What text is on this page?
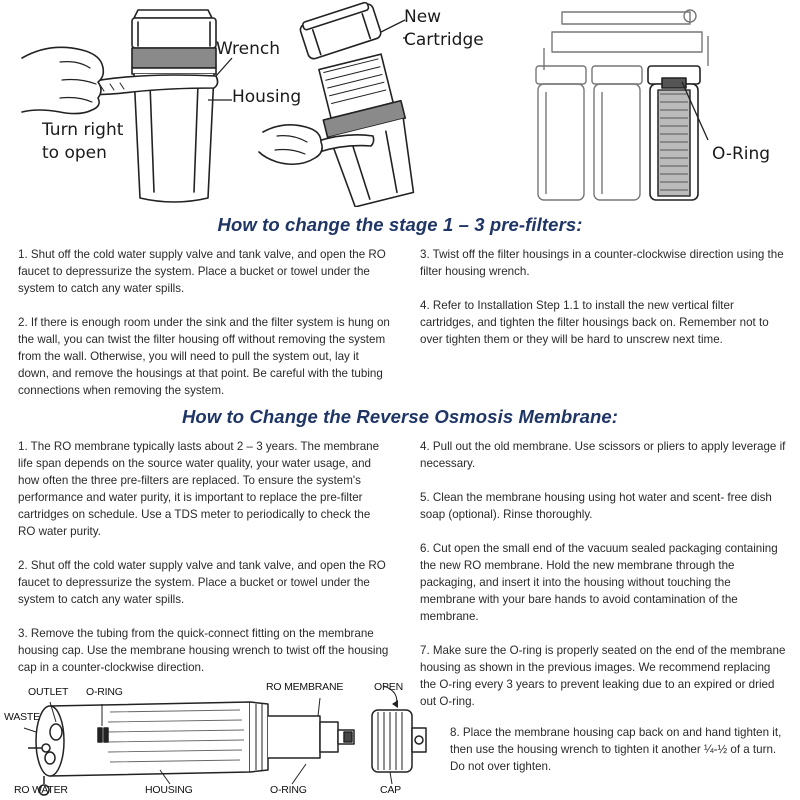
Wrench
Housing
Turn right
to open
New
Cartridge
O-Ring
How to change the stage 1 – 3 pre-filters:

1. Shut off the cold water supply valve and tank valve, and open the RO faucet to depressurize the system. Place a bucket or towel under the system to catch any water spills.

2. If there is enough room under the sink and the filter system is hung on the wall, you can twist the filter housing off without removing the system from the wall. Otherwise, you will need to pull the system out, lay it down, and remove the housings at that point. Be careful with the tubing connections when removing the system.

3. Twist off the filter housings in a counter-clockwise direction using the filter housing wrench.

4. Refer to Installation Step 1.1 to install the new vertical filter cartridges, and tighten the filter housings back on. Remember not to over tighten them or they will be hard to unscrew next time.

How to Change the Reverse Osmosis Membrane:

1. The RO membrane typically lasts about 2 – 3 years. The membrane life span depends on the source water quality, your water usage, and how often the three pre-filters are replaced. To ensure the system's performance and water purity, it is important to replace the pre-filter cartridges on schedule. Use a TDS meter to periodically to check the RO water purity.

2. Shut off the cold water supply valve and tank valve, and open the RO faucet to depressurize the system. Place a bucket or towel under the system to catch any water spills.

3. Remove the tubing from the quick-connect fitting on the membrane housing cap. Use the membrane housing wrench to twist off the housing cap in a counter-clockwise direction.

4. Pull out the old membrane. Use scissors or pliers to apply leverage if necessary.

5. Clean the membrane housing using hot water and scent- free dish soap (optional). Rinse thoroughly.

6. Cut open the small end of the vacuum sealed packaging containing the new RO membrane. Hold the new membrane through the packaging, and insert it into the housing without touching the membrane with your bare hands to avoid contamination of the membrane.

7. Make sure the O-ring is properly seated on the end of the membrane housing as shown in the previous images. We recommend replacing the O-ring every 3 years to prevent leaking due to an expired or dried out O-ring.

8. Place the membrane housing cap back on and hand tighten it, then use the housing wrench to tighten it another ¼-½ of a turn. Do not over tighten.

OUTLET O-RING	RO MEMBRANE	OPEN
WASTE
RO WATER	HOUSING	O-RING	CAP
